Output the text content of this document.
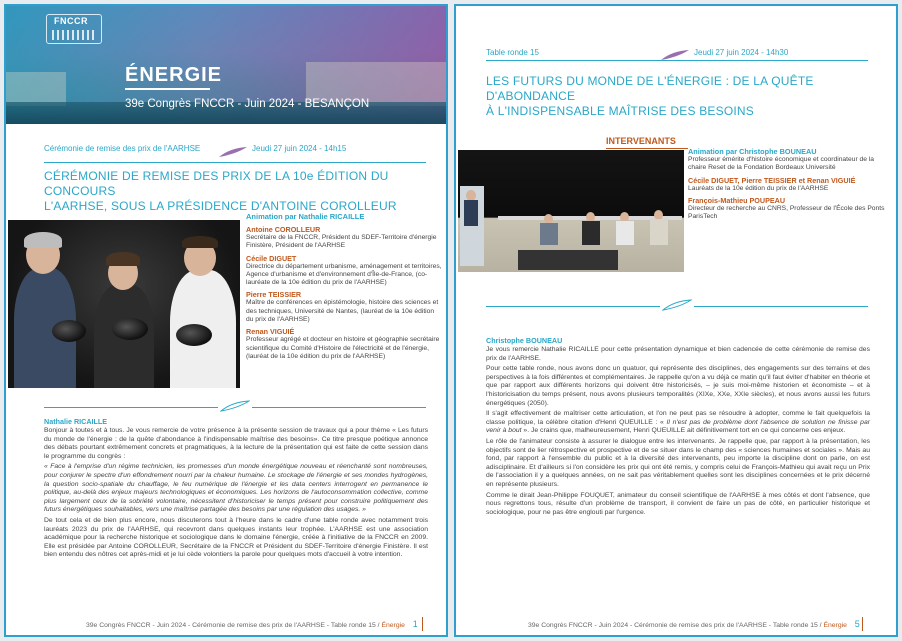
FNCCR
ÉNERGIE
39e Congrès FNCCR - Juin 2024 - BESANÇON
Cérémonie de remise des prix de l'AARHSE	Jeudi 27 juin 2024 - 14h15
CÉRÉMONIE DE REMISE DES PRIX DE LA 10e ÉDITION DU CONCOURS
L'AARHSE, SOUS LA PRÉSIDENCE D'ANTOINE COROLLEUR
Animation par Nathalie RICAILLE
Antoine COROLLEUR
Secrétaire de la FNCCR, Président du SDEF-Territoire d'énergie Finistère, Président de l'AARHSE
Cécile DIGUET
Directrice du département urbanisme, aménagement et territoires, Agence d'urbanisme et d'environnement d'Île-de-France, (co-lauréate de la 10e édition du prix de l'AARHSE)
Pierre TEISSIER
Maître de conférences en épistémologie, histoire des sciences et des techniques, Université de Nantes, (lauréat de la 10e édition du prix de l'AARHSE)
Renan VIGUIÉ
Professeur agrégé et docteur en histoire et géographie secrétaire scientifique du Comité d'Histoire de l'électricité et de l'énergie, (lauréat de la 10e édition du prix de l'AARHSE)
Nathalie RICAILLE

Bonjour à toutes et à tous. Je vous remercie de votre présence à la présente session de travaux qui a pour thème « Les futurs du monde de l'énergie : de la quête d'abondance à l'indispensable maîtrise des besoins». Ce titre presque poétique annonce des débats pourtant extrêmement concrets et pragmatiques, à la lecture de la présentation qui est faite de cette session dans le programme du congrès :

« Face à l'emprise d'un régime technicien, les promesses d'un monde énergétique nouveau et réenchanté sont nombreuses, pour conjurer le spectre d'un effondrement nourri par la chaleur humaine. Le stockage de l'énergie et ses mondes hydrogènes, la question socio-spatiale du chauffage, le feu numérique de l'énergie et les data centers interrogent en permanence le politique, au-delà des enjeux majeurs technologiques et économiques. Les horizons de l'autoconsommation collective, comme plus largement ceux de la sobriété volontaire, nécessitent d'historiciser le temps présent pour construire politiquement des futurs énergétiques souhaitables, vers une maîtrise partagée des besoins par une régulation des usages. »

De tout cela et de bien plus encore, nous discuterons tout à l'heure dans le cadre d'une table ronde avec notamment trois lauréats 2023 du prix de l'AARHSE, qui recevront dans quelques instants leur trophée. L'AARHSE est une association académique pour la recherche historique et sociologique dans le domaine l'énergie, créée à l'initiative de la FNCCR en 2009. Elle est présidée par Antoine COROLLEUR, Secrétaire de la FNCCR et Président du SDEF-Territoire d'énergie Finistère. Il est bien entendu des nôtres cet après-midi et je lui cède volontiers la parole pour quelques mots d'accueil à votre intention.

39e Congrès FNCCR - Juin 2024 - Cérémonie de remise des prix de l'AARHSE - Table ronde 15 / Énergie 1
Table ronde 15	Jeudi 27 juin 2024 - 14h30
LES FUTURS DU MONDE DE L'ÉNERGIE : DE LA QUÊTE D'ABONDANCE
À L'INDISPENSABLE MAÎTRISE DES BESOINS
INTERVENANTS
Animation par Christophe BOUNEAU
Professeur émérite d'histoire économique et coordinateur de la chaire Reset de la Fondation Bordeaux Université
Cécile DIGUET, Pierre TEISSIER et Renan VIGUIÉ
Lauréats de la 10e édition du prix de l'AARHSE
François-Mathieu POUPEAU
Directeur de recherche au CNRS, Professeur de l'École des Ponts ParisTech
Christophe BOUNEAU

Je vous remercie Nathalie RICAILLE pour cette présentation dynamique et bien cadencée de cette cérémonie de remise des prix de l'AARHSE.

Pour cette table ronde, nous avons donc un quatuor, qui représente des disciplines, des engagements sur des terrains et des perspectives à la fois différentes et complémentaires. Je rappelle qu'on a vu déjà ce matin qu'il faut éviter d'habiter en théorie et que par rapport aux différents horizons qui doivent être historicisés, – je suis moi-même historien et économiste – et à l'historicisation du temps présent, nous avons plusieurs temporalités (XIXe, XXe, XXIe siècles), et nous avons aussi les futurs énergétiques (2050).

Il s'agit effectivement de maîtriser cette articulation, et l'on ne peut pas se résoudre à adopter, comme le fait quelquefois la classe politique, la célèbre citation d'Henri QUEUILLE : « Il n'est pas de problème dont l'absence de solution ne finisse par venir à bout ». Je crains que, malheureusement, Henri QUEUILLE ait définitivement tort en ce qui concerne ces enjeux.

Le rôle de l'animateur consiste à assurer le dialogue entre les intervenants. Je rappelle que, par rapport à la présentation, les objectifs sont de lier rétrospective et prospective et de se situer dans le champ des « sciences humaines et sociales ». Mais au fond, par rapport à l'ensemble du public et à la diversité des intervenants, peu importe la discipline dont on parle, on est adisciplinaire. Et d'ailleurs si l'on considère les prix qui ont été remis, y compris celui de François-Mathieu qui avait reçu un Prix de l'association il y a quelques années, on ne sait pas véritablement quelles sont les disciplines concernées et le prix décerné en représente plusieurs.

Comme le dirait Jean-Philippe FOUQUET, animateur du conseil scientifique de l'AARHSE à mes côtés et dont l'absence, que nous regrettons tous, résulte d'un problème de transport, il convient de faire un pas de côté, en particulier historique et sociologique, pour ne pas être englouti par l'urgence.

39e Congrès FNCCR - Juin 2024 - Cérémonie de remise des prix de l'AARHSE - Table ronde 15 / Énergie 5
